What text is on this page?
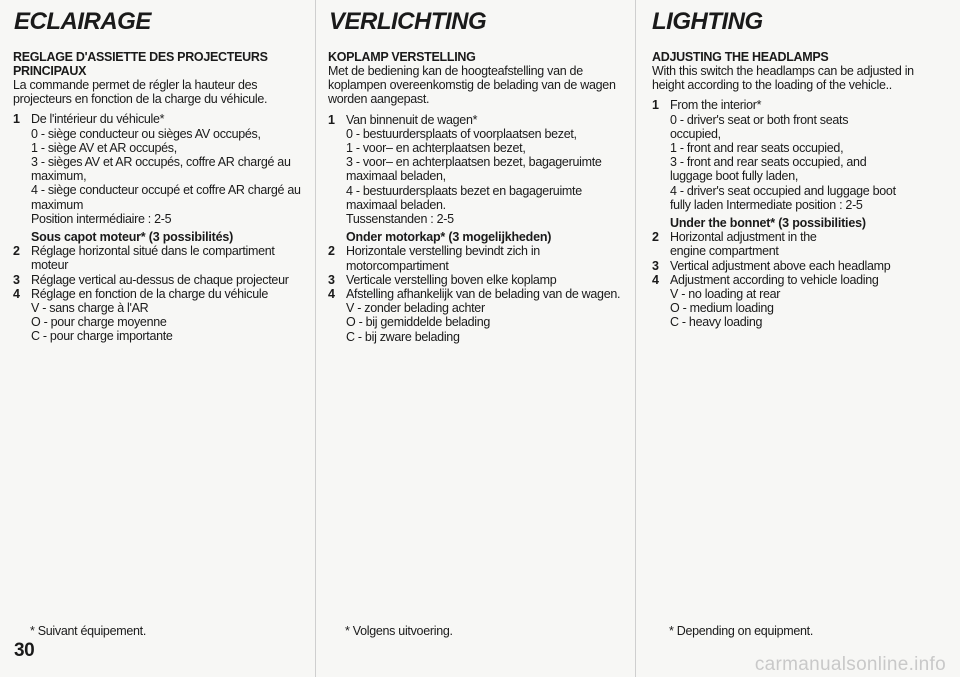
ECLAIRAGE
REGLAGE D'ASSIETTE DES PROJECTEURS PRINCIPAUX
La commande permet de régler la hauteur des projecteurs en fonction de la charge du véhicule.
1 De l'intérieur du véhicule*
0 - siège conducteur ou sièges AV occupés,
1 - siège AV et AR occupés,
3 - sièges AV et AR occupés, coffre AR chargé au maximum,
4 - siège conducteur occupé et coffre AR chargé au maximum
Position intermédiaire : 2-5
Sous capot moteur* (3 possibilités)
2 Réglage horizontal situé dans le compartiment moteur
3 Réglage vertical au-dessus de chaque projecteur
4 Réglage en fonction de la charge du véhicule
V - sans charge à l'AR
O - pour charge moyenne
C - pour charge importante
* Suivant équipement.
30
VERLICHTING
KOPLAMP VERSTELLING
Met de bediening kan de hoogteafstelling van de koplampen overeenkomstig de belading van de wagen worden aangepast.
1 Van binnenuit de wagen*
0 - bestuurdersplaats of voorplaatsen bezet,
1 - voor– en achterplaatsen bezet,
3 - voor– en achterplaatsen bezet, bagageruimte maximaal beladen,
4 - bestuurdersplaats bezet en bagageruimte maximaal beladen.
Tussenstanden : 2-5
Onder motorkap* (3 mogelijkheden)
2 Horizontale verstelling bevindt zich in motorcompartiment
3 Verticale verstelling boven elke koplamp
4 Afstelling afhankelijk van de belading van de wagen.
V - zonder belading achter
O - bij gemiddelde belading
C - bij zware belading
* Volgens uitvoering.
LIGHTING
ADJUSTING THE HEADLAMPS
With this switch the headlamps can be adjusted in height according to the loading of the vehicle..
1 From the interior*
0 - driver's seat or both front seats occupied,
1 - front and rear seats occupied,
3 - front and rear seats occupied, and luggage boot fully laden,
4 - driver's seat occupied and luggage boot fully laden Intermediate position : 2-5
Under the bonnet* (3 possibilities)
2 Horizontal adjustment in the engine compartment
3 Vertical adjustment above each headlamp
4 Adjustment according to vehicle loading
V - no loading at rear
O - medium loading
C - heavy loading
* Depending on equipment.
carmanualsonline.info
